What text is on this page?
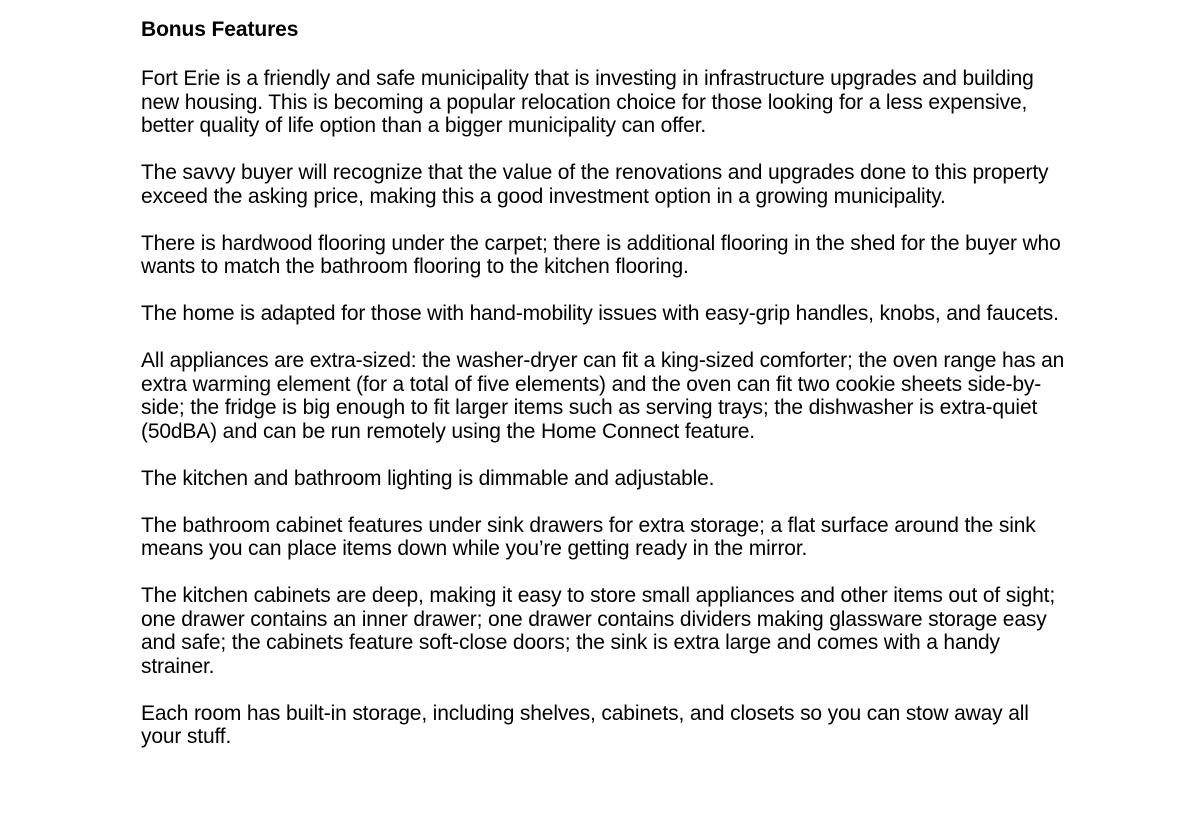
Bonus Features

Fort Erie is a friendly and safe municipality that is investing in infrastructure upgrades and building new housing. This is becoming a popular relocation choice for those looking for a less expensive, better quality of life option than a bigger municipality can offer.

The savvy buyer will recognize that the value of the renovations and upgrades done to this property exceed the asking price, making this a good investment option in a growing municipality.

There is hardwood flooring under the carpet; there is additional flooring in the shed for the buyer who wants to match the bathroom flooring to the kitchen flooring.

The home is adapted for those with hand-mobility issues with easy-grip handles, knobs, and faucets.

All appliances are extra-sized: the washer-dryer can fit a king-sized comforter; the oven range has an extra warming element (for a total of five elements) and the oven can fit two cookie sheets side-by-side; the fridge is big enough to fit larger items such as serving trays; the dishwasher is extra-quiet (50dBA) and can be run remotely using the Home Connect feature.

The kitchen and bathroom lighting is dimmable and adjustable.

The bathroom cabinet features under sink drawers for extra storage; a flat surface around the sink means you can place items down while you’re getting ready in the mirror.

The kitchen cabinets are deep, making it easy to store small appliances and other items out of sight; one drawer contains an inner drawer; one drawer contains dividers making glassware storage easy and safe; the cabinets feature soft-close doors; the sink is extra large and comes with a handy strainer.

Each room has built-in storage, including shelves, cabinets, and closets so you can stow away all your stuff.
